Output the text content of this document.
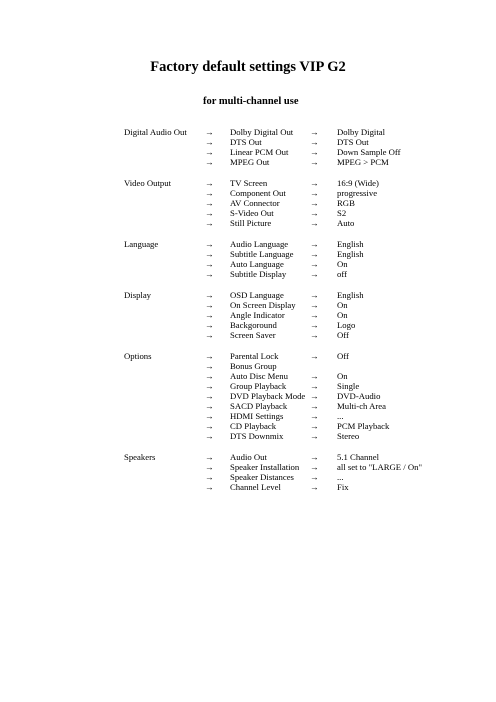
Factory default settings VIP G2
for multi-channel use
Digital Audio Out → Dolby Digital Out → Dolby Digital
→ DTS Out	→ DTS Out
→ Linear PCM Out → Down Sample Off
→ MPEG Out	→ MPEG > PCM
Video Output	→ TV Screen	→ 16:9 (Wide)
→ Component Out	→ progressive
→ AV Connector	→ RGB
→ S-Video Out	→ S2
→ Still Picture	→ Auto
Language	→ Audio Language	→ English
→ Subtitle Language → English
→ Auto Language	→ On
→ Subtitle Display	→ off
Display	→ OSD Language	→ English
→ On Screen Display → On
→ Angle Indicator	→ On
→ Backgoround	→ Logo
→ Screen Saver	→ Off
Options	→ Parental Lock	→ Off
→ Bonus Group
→ Auto Disc Menu	→ On
→ Group Playback	→ Single
→ DVD Playback Mode → DVD-Audio
→ SACD Playback	→ Multi-ch Area
→ HDMI Settings	→ ...
→ CD Playback	→ PCM Playback
→ DTS Downmix	→ Stereo
Speakers	→ Audio Out	→ 5.1 Channel
→ Speaker Installation → all set to "LARGE / On"
→ Speaker Distances → ...
→ Channel Level	→ Fix
